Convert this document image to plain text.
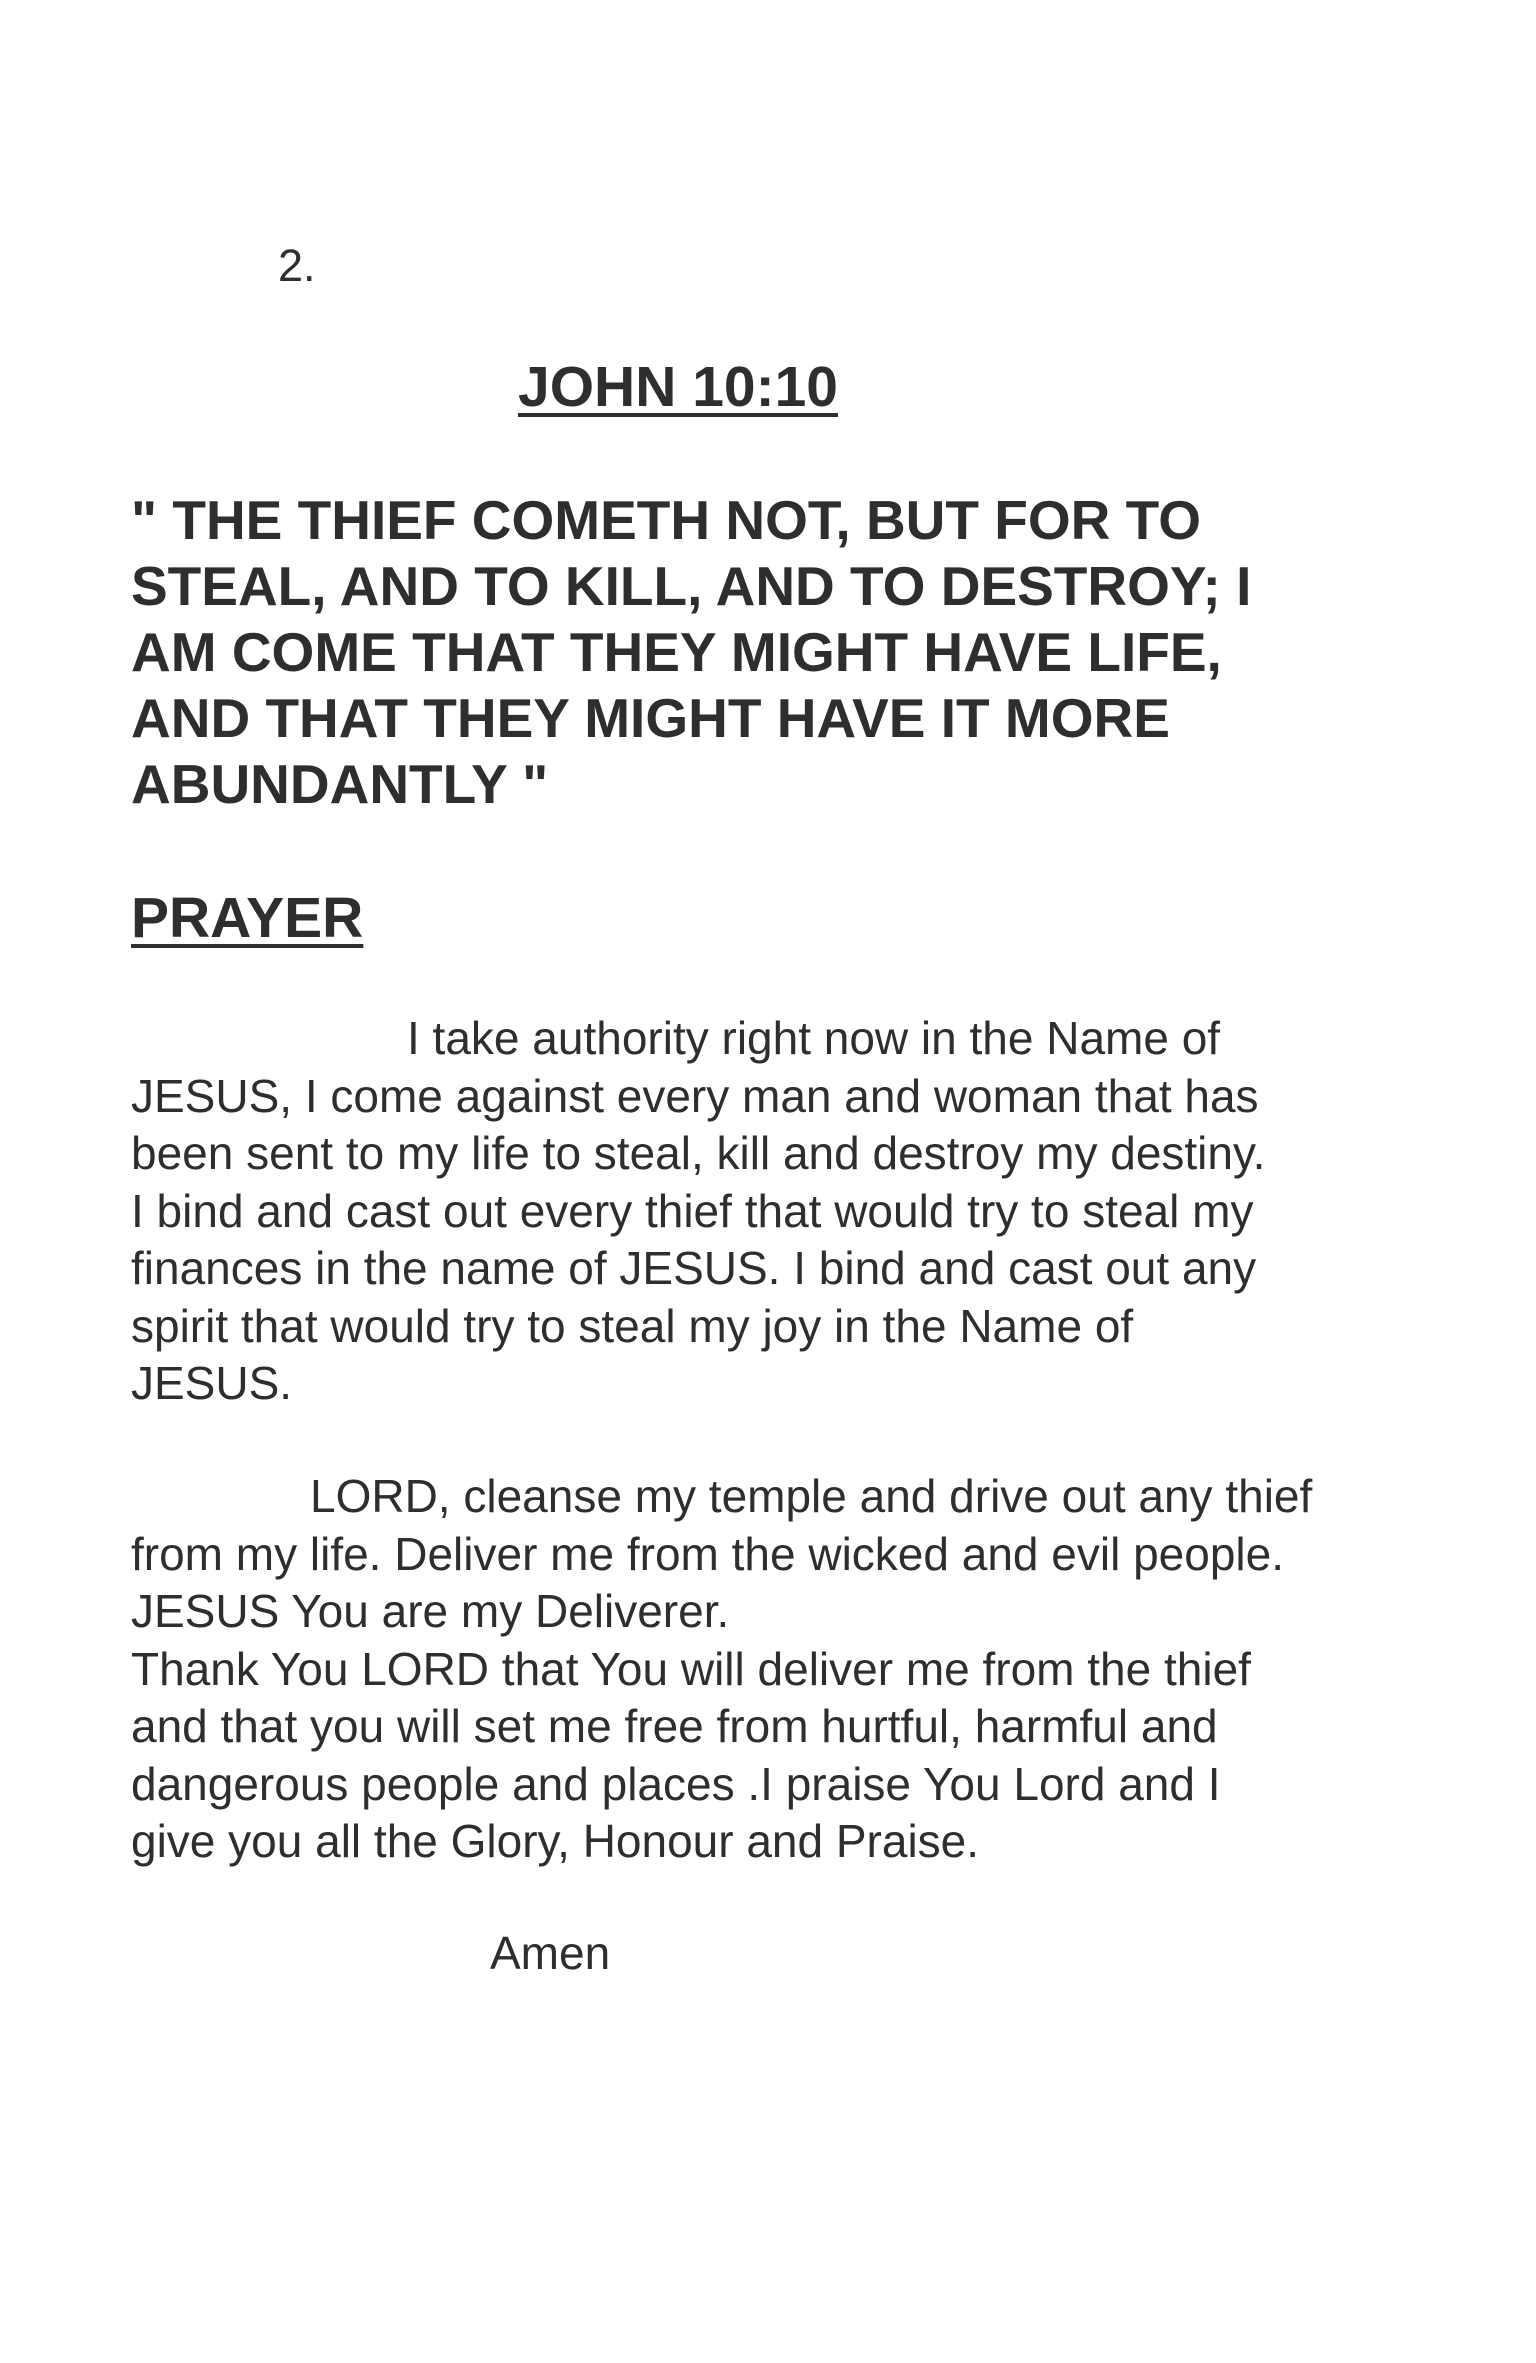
2.

JOHN 10:10

" THE THIEF COMETH NOT, BUT FOR TO
STEAL, AND TO KILL, AND TO DESTROY; I
AM COME THAT THEY MIGHT HAVE LIFE,
AND THAT THEY MIGHT HAVE IT MORE
ABUNDANTLY "

PRAYER

I take authority right now in the Name of
JESUS, I come against every man and woman that has
been sent to my life to steal, kill and destroy my destiny.
I bind and cast out every thief that would try to steal my
finances in the name of JESUS. I bind and cast out any
spirit that would try to steal my joy in the Name of
JESUS.

LORD, cleanse my temple and drive out any thief
from my life. Deliver me from the wicked and evil people.
JESUS You are my Deliverer.
Thank You LORD that You will deliver me from the thief
and that you will set me free from hurtful, harmful and
dangerous people and places .I praise You Lord and I
give you all the Glory, Honour and Praise.

Amen
